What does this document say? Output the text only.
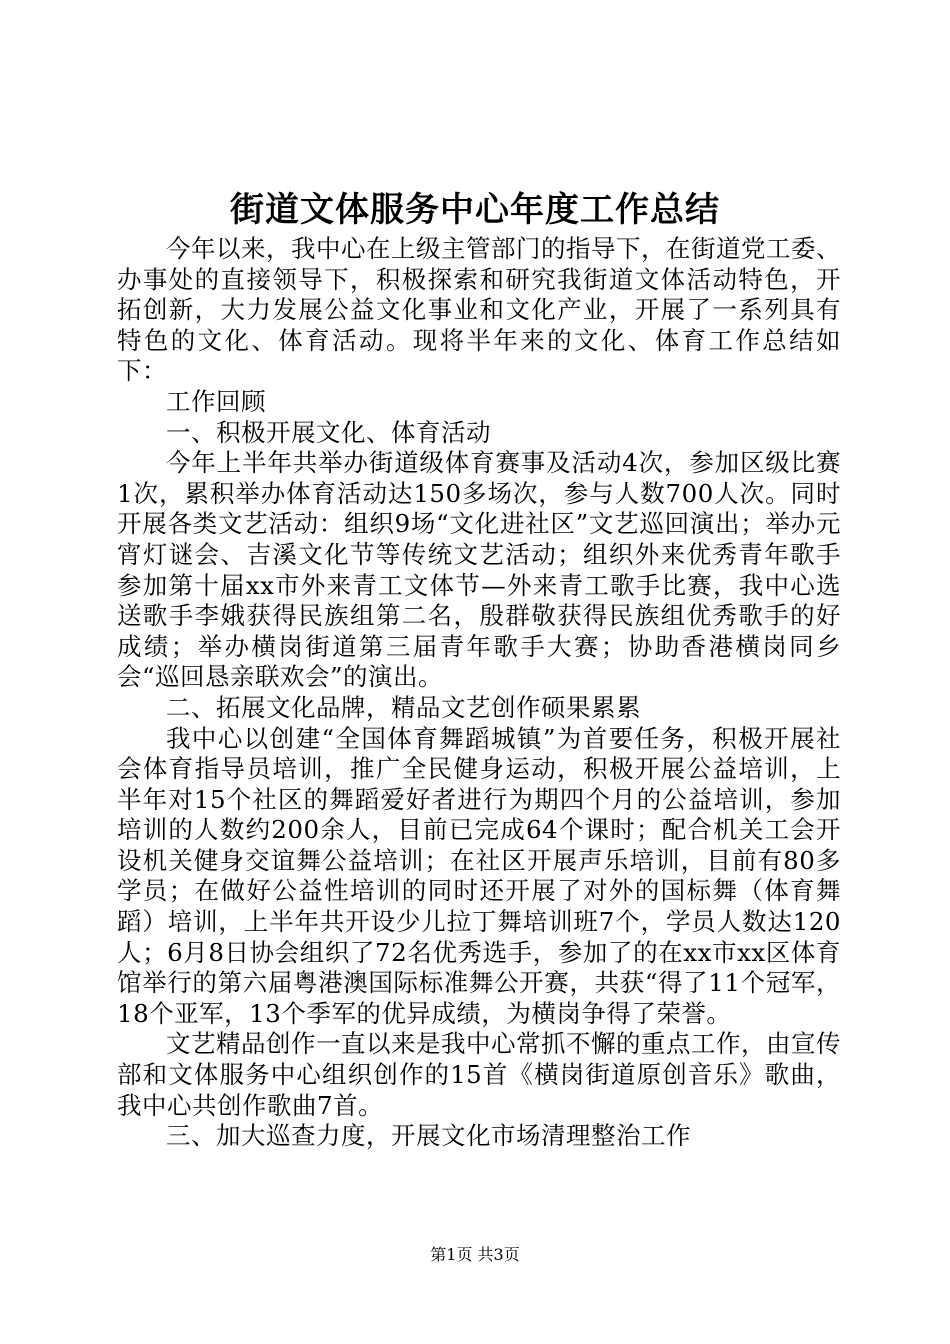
街道文体服务中心年度工作总结

今年以来，我中心在上级主管部门的指导下，在街道党工委、办事处的直接领导下，积极探索和研究我街道文体活动特色，开拓创新，大力发展公益文化事业和文化产业，开展了一系列具有特色的文化、体育活动。现将半年来的文化、体育工作总结如下：

工作回顾

一、积极开展文化、体育活动

今年上半年共举办街道级体育赛事及活动4次，参加区级比赛1次，累积举办体育活动达150多场次，参与人数700人次。同时开展各类文艺活动：组织9场“文化进社区”文艺巡回演出；举办元宵灯谜会、吉溪文化节等传统文艺活动；组织外来优秀青年歌手参加第十届xx市外来青工文体节—外来青工歌手比赛，我中心选送歌手李娥获得民族组第二名，殷群敬获得民族组优秀歌手的好成绩；举办横岗街道第三届青年歌手大赛；协助香港横岗同乡会“巡回恳亲联欢会”的演出。

二、拓展文化品牌，精品文艺创作硕果累累

我中心以创建“全国体育舞蹈城镇”为首要任务，积极开展社会体育指导员培训，推广全民健身运动，积极开展公益培训，上半年对15个社区的舞蹈爱好者进行为期四个月的公益培训，参加培训的人数约200余人，目前已完成64个课时；配合机关工会开设机关健身交谊舞公益培训；在社区开展声乐培训，目前有80多学员；在做好公益性培训的同时还开展了对外的国标舞（体育舞蹈）培训，上半年共开设少儿拉丁舞培训班7个，学员人数达120人；6月8日协会组织了72名优秀选手，参加了的在xx市xx区体育馆举行的第六届粤港澳国际标准舞公开赛，共获“得了11个冠军，18个亚军，13个季军的优异成绩，为横岗争得了荣誉。

文艺精品创作一直以来是我中心常抓不懈的重点工作，由宣传部和文体服务中心组织创作的15首《横岗街道原创音乐》歌曲，我中心共创作歌曲7首。

三、加大巡查力度，开展文化市场清理整治工作

第1页 共3页
